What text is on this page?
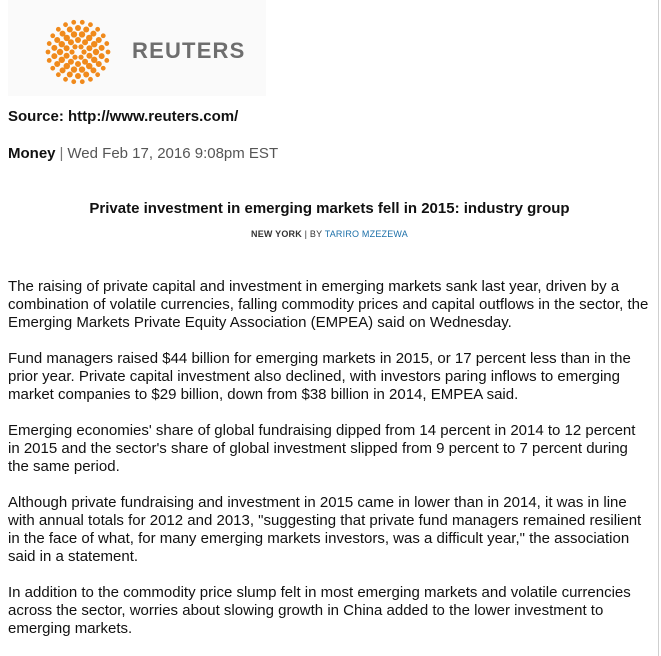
REUTERS
Source: http://www.reuters.com/
Money | Wed Feb 17, 2016 9:08pm EST
Private investment in emerging markets fell in 2015: industry group
NEW YORK | BY TARIRO MZEZEWA

The raising of private capital and investment in emerging markets sank last year, driven by a combination of volatile currencies, falling commodity prices and capital outflows in the sector, the Emerging Markets Private Equity Association (EMPEA) said on Wednesday.

Fund managers raised $44 billion for emerging markets in 2015, or 17 percent less than in the prior year. Private capital investment also declined, with investors paring inflows to emerging market companies to $29 billion, down from $38 billion in 2014, EMPEA said.

Emerging economies' share of global fundraising dipped from 14 percent in 2014 to 12 percent in 2015 and the sector's share of global investment slipped from 9 percent to 7 percent during the same period.

Although private fundraising and investment in 2015 came in lower than in 2014, it was in line with annual totals for 2012 and 2013, "suggesting that private fund managers remained resilient in the face of what, for many emerging markets investors, was a difficult year," the association said in a statement.

In addition to the commodity price slump felt in most emerging markets and volatile currencies across the sector, worries about slowing growth in China added to the lower investment to emerging markets.
